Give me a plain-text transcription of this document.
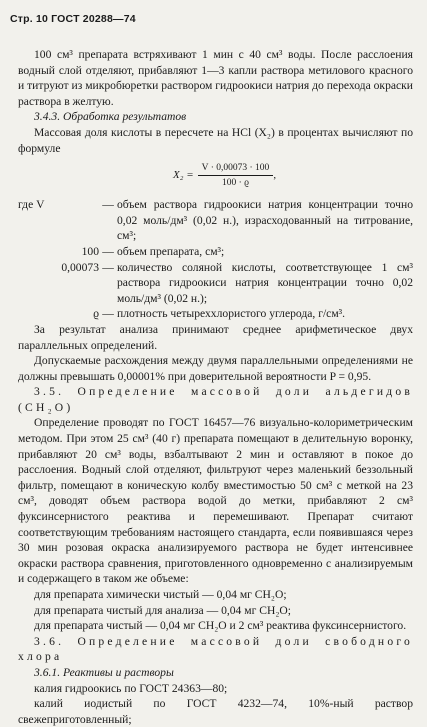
Стр. 10 ГОСТ 20288—74

100 см³ препарата встряхивают 1 мин с 40 см³ воды. После расслоения водный слой отделяют, прибавляют 1—3 капли раствора метилового красного и титруют из микробюретки раствором гидроокиси натрия до перехода окраски раствора в желтую.

3.4.3. Обработка результатов

Массовая доля кислоты в пересчете на HCl (X₂) в процентах вычисляют по формуле

$X_2 = \frac{V \cdot 0,00073 \cdot 100}{100 \cdot ϱ}$ ,
где V	— объем раствора гидроокиси натрия концентрации точно 0,02 моль/дм³ (0,02 н.), израсходованный на титрование, см³;
100 — объем препарата, см³;
0,00073 — количество соляной кислоты, соответствующее 1 см³ раствора гидроокиси натрия концентрации точно 0,02 моль/дм³ (0,02 н.);
ϱ — плотность четыреххлористого углерода, г/см³.

За результат анализа принимают среднее арифметическое двух параллельных определений.

Допускаемые расхождения между двумя параллельными определениями не должны превышать 0,00001% при доверительной вероятности P = 0,95.

3.5. Определение массовой доли альдегидов (CH₂O)

Определение проводят по ГОСТ 16457—76 визуально-колориметрическим методом. При этом 25 см³ (40 г) препарата помещают в делительную воронку, прибавляют 20 см³ воды, взбалтывают 2 мин и оставляют в покое до расслоения. Водный слой отделяют, фильтруют через маленький беззольный фильтр, помещают в коническую колбу вместимостью 50 см³ с меткой на 23 см³, доводят объем раствора водой до метки, прибавляют 2 см³ фуксинсернистого реактива и перемешивают. Препарат считают соответствующим требованиям настоящего стандарта, если появившаяся через 30 мин розовая окраска анализируемого раствора не будет интенсивнее окраски раствора сравнения, приготовленного одновременно с анализируемым и содержащего в таком же объеме:

для препарата химически чистый — 0,04 мг CH₂O;

для препарата чистый для анализа — 0,04 мг CH₂O;

для препарата чистый — 0,04 мг CH₂O и 2 см³ реактива фуксинсернистого.

3.6. Определение массовой доли свободного хлора

3.6.1. Реактивы и растворы

калия гидроокись по ГОСТ 24363—80;

калий иодистый по ГОСТ 4232—74, 10%-ный раствор свежеприготовленный;
